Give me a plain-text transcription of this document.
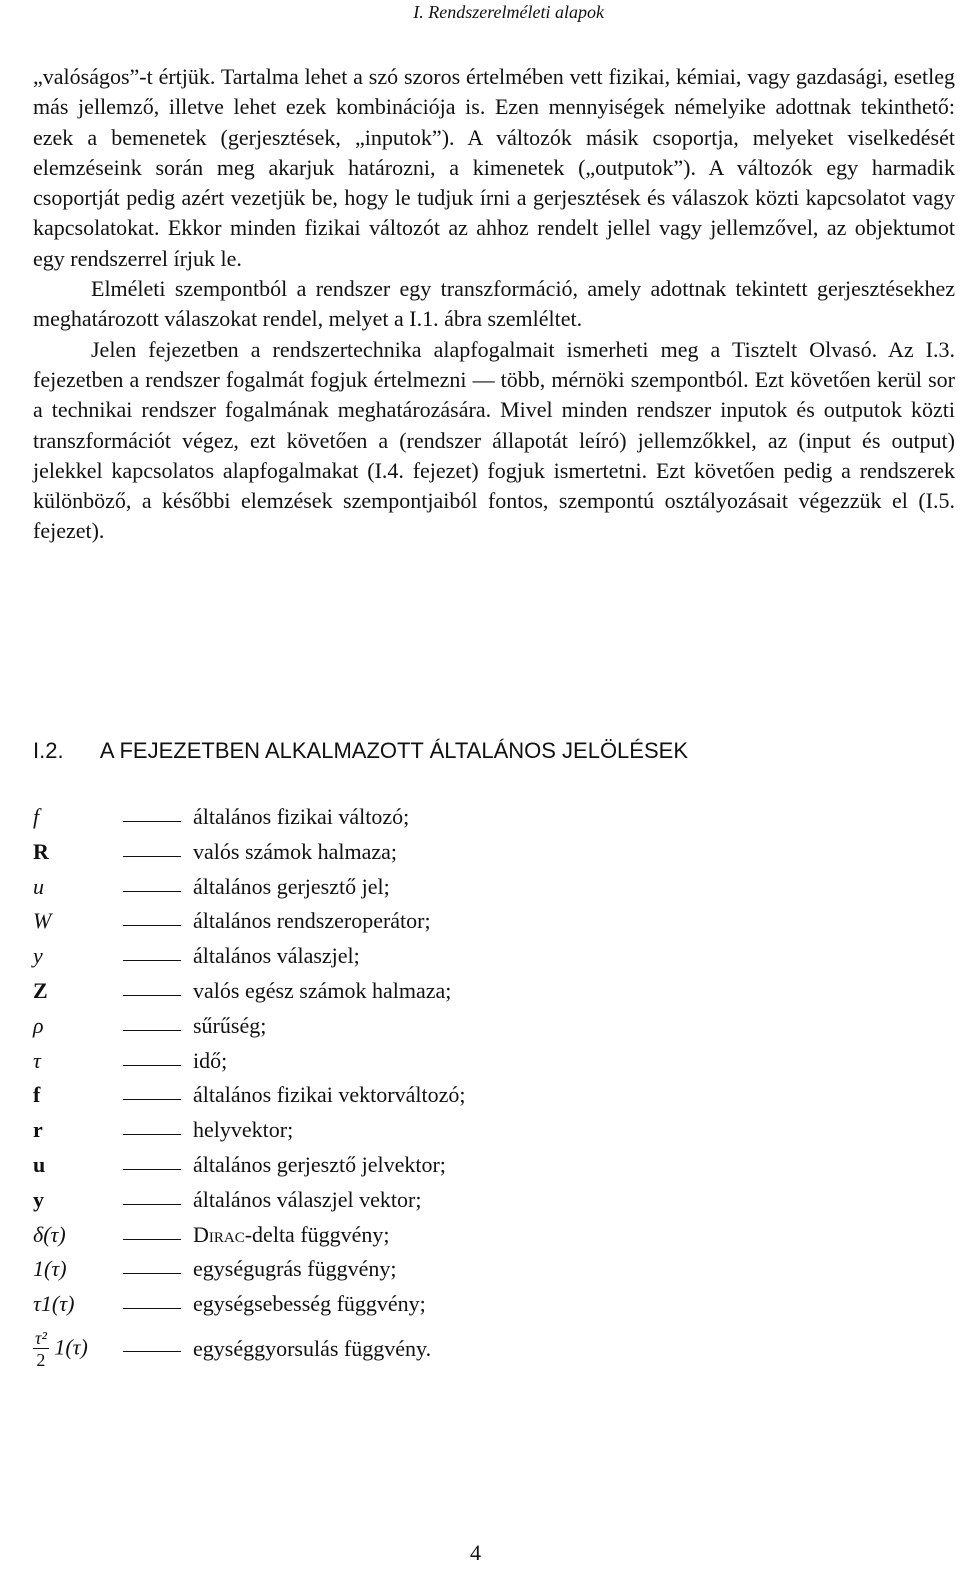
I. Rendszerelméleti alapok

„valóságos”-t értjük. Tartalma lehet a szó szoros értelmében vett fizikai, kémiai, vagy gazdasági, esetleg más jellemző, illetve lehet ezek kombinációja is. Ezen mennyiségek némelyike adottnak tekinthető: ezek a bemenetek (gerjesztések, „inputok”). A változók másik csoportja, melyeket viselkedését elemzéseink során meg akarjuk határozni, a kimenetek („outputok”). A változók egy harmadik csoportját pedig azért vezetjük be, hogy le tudjuk írni a gerjesztések és válaszok közti kapcsolatot vagy kapcsolatokat. Ekkor minden fizikai változót az ahhoz rendelt jellel vagy jellemzővel, az objektumot egy rendszerrel írjuk le.

Elméleti szempontból a rendszer egy transzformáció, amely adottnak tekintett gerjesztésekhez meghatározott válaszokat rendel, melyet a I.1. ábra szemléltet.

Jelen fejezetben a rendszertechnika alapfogalmait ismerheti meg a Tisztelt Olvasó. Az I.3. fejezetben a rendszer fogalmát fogjuk értelmezni — több, mérnöki szempontból. Ezt követően kerül sor a technikai rendszer fogalmának meghatározására. Mivel minden rendszer inputok és outputok közti transzformációt végez, ezt követően a (rendszer állapotát leíró) jellemzőkkel, az (input és output) jelekkel kapcsolatos alapfogalmakat (I.4. fejezet) fogjuk ismertetni. Ezt követően pedig a rendszerek különböző, a későbbi elemzések szempontjaiból fontos, szempontú osztályozásait végezzük el (I.5. fejezet).

I.2. A FEJEZETBEN ALKALMAZOTT ÁLTALÁNOS JELÖLÉSEK
f	általános fizikai változó;
R	valós számok halmaza;
u	általános gerjesztő jel;
W	általános rendszeroperátor;
y	általános válaszjel;
Z	valós egész számok halmaza;
ρ	sűrűség;
τ	idő;
f	általános fizikai vektorváltozó;
r	helyvektor;
u	általános gerjesztő jelvektor;
y	általános válaszjel vektor;
δ(τ)	Dirac-delta függvény;
1(τ)	egységugrás függvény;
τ1(τ)	egységsebesség függvény;
$\frac{\text{τ²}}{2} 1(\tau)$	egységgyorsulás függvény.
4
